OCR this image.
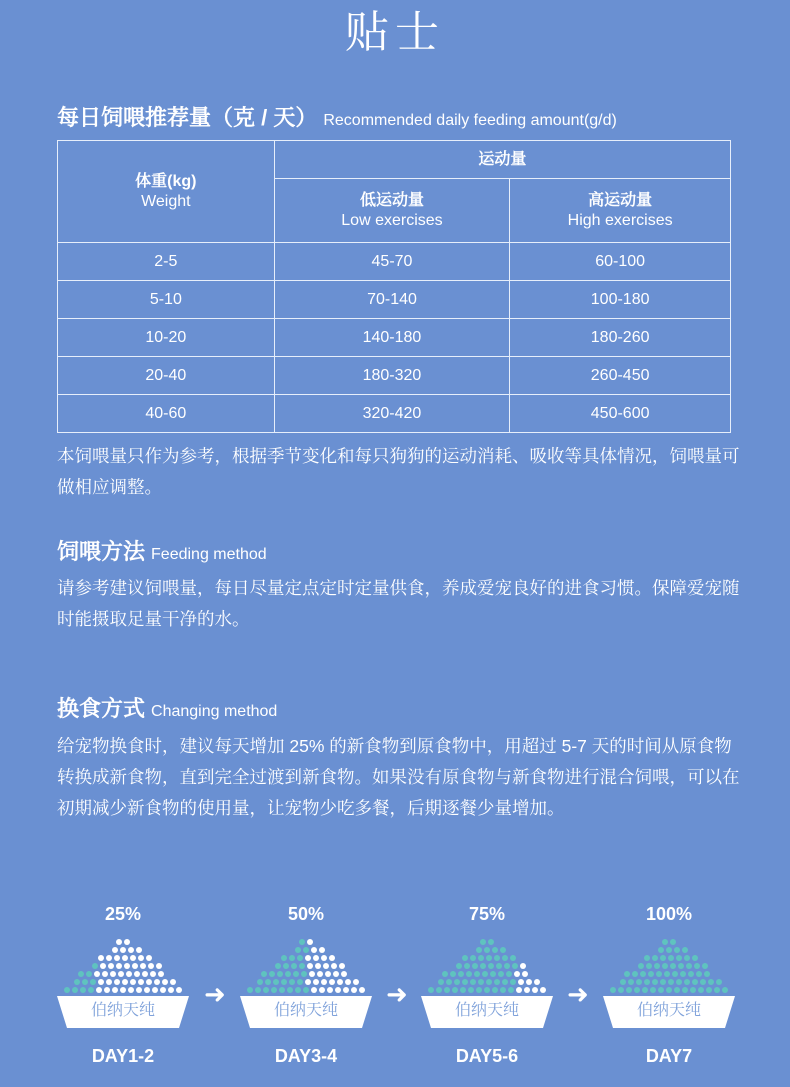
贴士
每日饲喂推荐量（克 / 天） Recommended daily feeding amount(g/d)
体重(kg)
Weight	运动量	

	低运动量
Low exercises	高运动量
High exercises

2-5	45-70	60-100
5-10	70-140	100-180
10-20	140-180	180-260
20-40	180-320	260-450
40-60	320-420	450-600
本饲喂量只作为参考，根据季节变化和每只狗狗的运动消耗、吸收等具体情况，饲喂量可做相应调整。
饲喂方法 Feeding method
请参考建议饲喂量，每日尽量定点定时定量供食，养成爱宠良好的进食习惯。保障爱宠随时能摄取足量干净的水。
换食方式 Changing method
给宠物换食时，建议每天增加 25% 的新食物到原食物中，用超过 5-7 天的时间从原食物转换成新食物，直到完全过渡到新食物。如果没有原食物与新食物进行混合饲喂，可以在初期减少新食物的使用量，让宠物少吃多餐，后期逐餐少量增加。
25%
伯纳天纯
50%
伯纳天纯
75%
伯纳天纯
100%
伯纳天纯
➜	➜	➜
DAY1-2	DAY3-4	DAY5-6	DAY7
